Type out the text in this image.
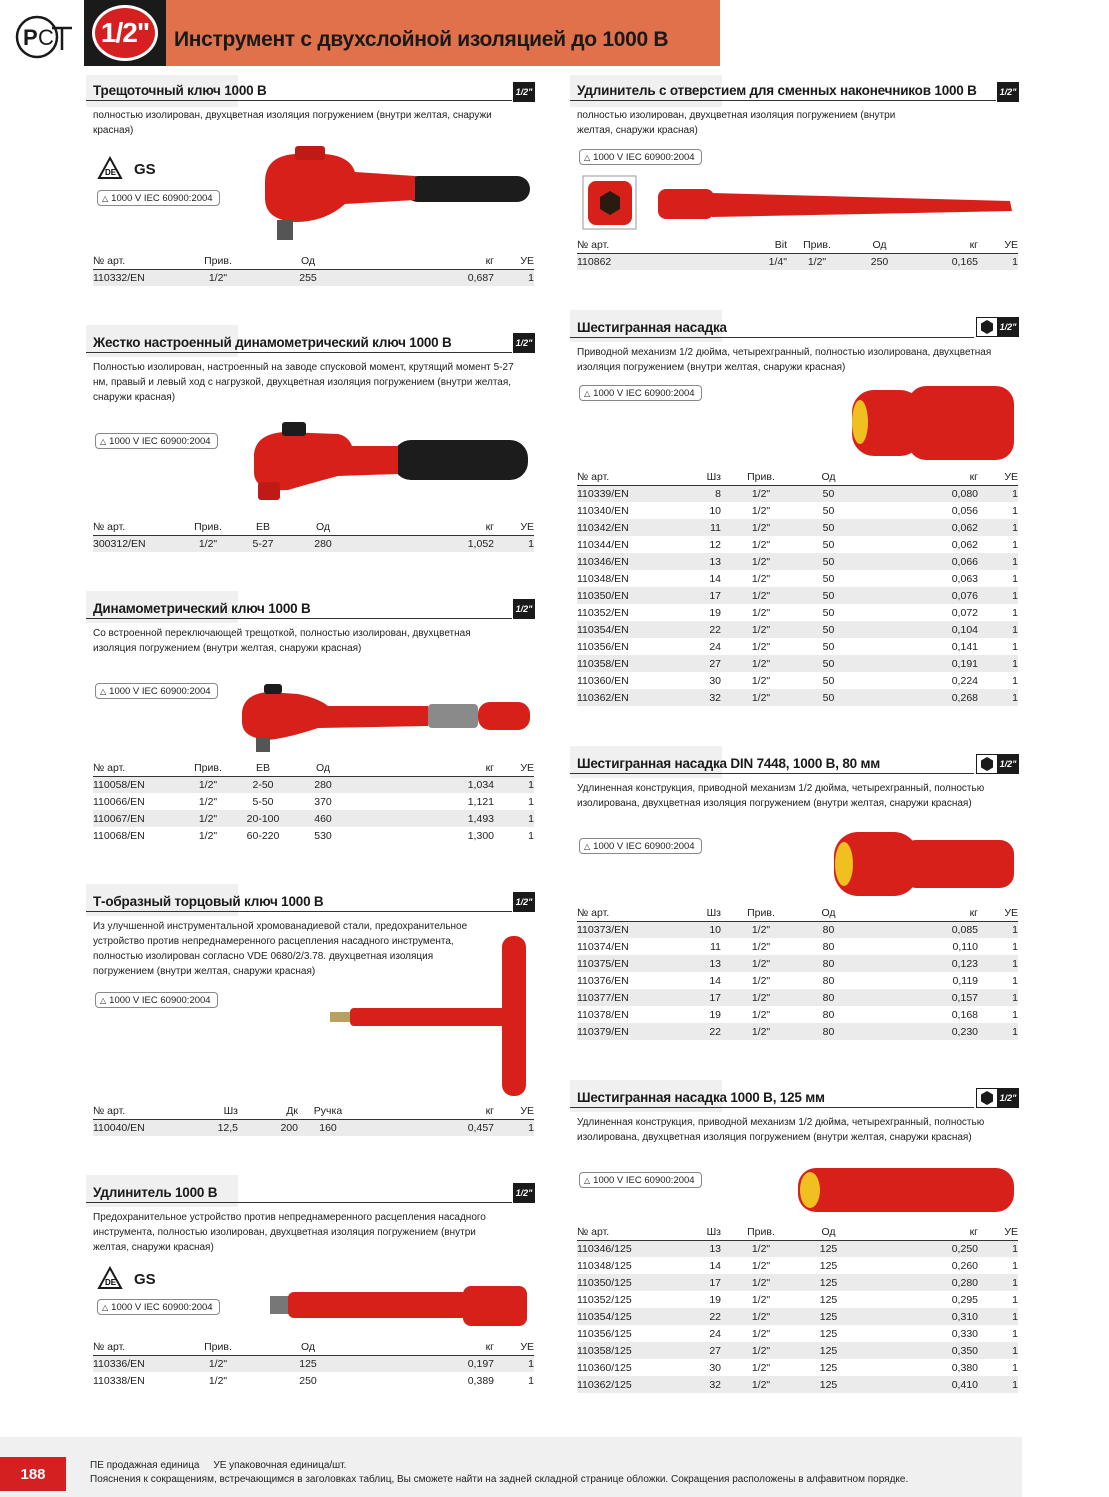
P C	1/2"	Инструмент с двухслойной изоляцией до 1000 В
Трещоточный ключ 1000 В	1/2"
полностью изолирован, двухцветная изоляция погружением (внутри желтая, снаружи красная)
DE GS
△ 1000 V IEC 60900:2004
№ арт.	Прив.	Од	кг	УЕ
110332/EN	1/2"	255	0,687	1
Жестко настроенный динамометрический ключ 1000 В	1/2"
Полностью изолирован, настроенный на заводе спусковой момент, крутящий момент 5-27 нм, правый и левый ход с нагрузкой, двухцветная изоляция погружением (внутри желтая, снаружи красная)
△ 1000 V IEC 60900:2004
№ арт.	Прив.	ЕВ	Од	кг	УЕ
300312/EN	1/2"	5-27	280	1,052	1
Динамометрический ключ 1000 В	1/2"
Со встроенной переключающей трещоткой, полностью изолирован, двухцветная изоляция погружением (внутри желтая, снаружи красная)
△ 1000 V IEC 60900:2004
№ арт.	Прив.	ЕВ	Од	кг	УЕ
110058/EN	1/2"	2-50	280	1,034	1
110066/EN	1/2"	5-50	370	1,121	1
110067/EN	1/2"	20-100	460	1,493	1
110068/EN	1/2"	60-220	530	1,300	1
Т-образный торцовый ключ 1000 В	1/2"
Из улучшенной инструментальной хромованадиевой стали, предохранительное устройство против непреднамеренного расцепления насадного инструмента, полностью изолирован согласно VDE 0680/2/3.78. двухцветная изоляция погружением (внутри желтая, снаружи красная)
△ 1000 V IEC 60900:2004
№ арт.	Шз	Дк	Ручка	кг	УЕ
110040/EN	12,5	200	160	0,457	1
Удлинитель 1000 В	1/2"
Предохранительное устройство против непреднамеренного расцепления насадного инструмента, полностью изолирован, двухцветная изоляция погружением (внутри желтая, снаружи красная)
DE GS
△ 1000 V IEC 60900:2004
№ арт.	Прив.	Од	кг	УЕ
110336/EN	1/2"	125	0,197	1
110338/EN	1/2"	250	0,389	1
Удлинитель с отверстием для сменных наконечников 1000 В	1/2"
полностью изолирован, двухцветная изоляция погружением (внутри желтая, снаружи красная)
△ 1000 V IEC 60900:2004
№ арт.	Bit	Прив.	Од	кг	УЕ
110862	1/4"	1/2"	250	0,165	1
Шестигранная насадка	1/2"
Приводной механизм 1/2 дюйма, четырехгранный, полностью изолирована, двухцветная изоляция погружением (внутри желтая, снаружи красная)
△ 1000 V IEC 60900:2004
№ арт.	Шз	Прив.	Од	кг	УЕ
110339/EN	8	1/2"	50	0,080	1
110340/EN	10	1/2"	50	0,056	1
110342/EN	11	1/2"	50	0,062	1
110344/EN	12	1/2"	50	0,062	1
110346/EN	13	1/2"	50	0,066	1
110348/EN	14	1/2"	50	0,063	1
110350/EN	17	1/2"	50	0,076	1
110352/EN	19	1/2"	50	0,072	1
110354/EN	22	1/2"	50	0,104	1
110356/EN	24	1/2"	50	0,141	1
110358/EN	27	1/2"	50	0,191	1
110360/EN	30	1/2"	50	0,224	1
110362/EN	32	1/2"	50	0,268	1
Шестигранная насадка DIN 7448, 1000 В, 80 мм	1/2"
Удлиненная конструкция, приводной механизм 1/2 дюйма, четырехгранный, полностью изолирована, двухцветная изоляция погружением (внутри желтая, снаружи красная)
△ 1000 V IEC 60900:2004
№ арт.	Шз	Прив.	Од	кг	УЕ
110373/EN	10	1/2"	80	0,085	1
110374/EN	11	1/2"	80	0,110	1
110375/EN	13	1/2"	80	0,123	1
110376/EN	14	1/2"	80	0,119	1
110377/EN	17	1/2"	80	0,157	1
110378/EN	19	1/2"	80	0,168	1
110379/EN	22	1/2"	80	0,230	1
Шестигранная насадка 1000 В, 125 мм	1/2"
Удлиненная конструкция, приводной механизм 1/2 дюйма, четырехгранный, полностью изолирована, двухцветная изоляция погружением (внутри желтая, снаружи красная)
△ 1000 V IEC 60900:2004
№ арт.	Шз	Прив.	Од	кг	УЕ
110346/125	13	1/2"	125	0,250	1
110348/125	14	1/2"	125	0,260	1
110350/125	17	1/2"	125	0,280	1
110352/125	19	1/2"	125	0,295	1
110354/125	22	1/2"	125	0,310	1
110356/125	24	1/2"	125	0,330	1
110358/125	27	1/2"	125	0,350	1
110360/125	30	1/2"	125	0,380	1
110362/125	32	1/2"	125	0,410	1
188	ПЕ продажная единица     УЕ упаковочная единица/шт.
Пояснения к сокращениям, встречающимся в заголовках таблиц, Вы сможете найти на задней складной странице обложки. Сокращения расположены в алфавитном порядке.
